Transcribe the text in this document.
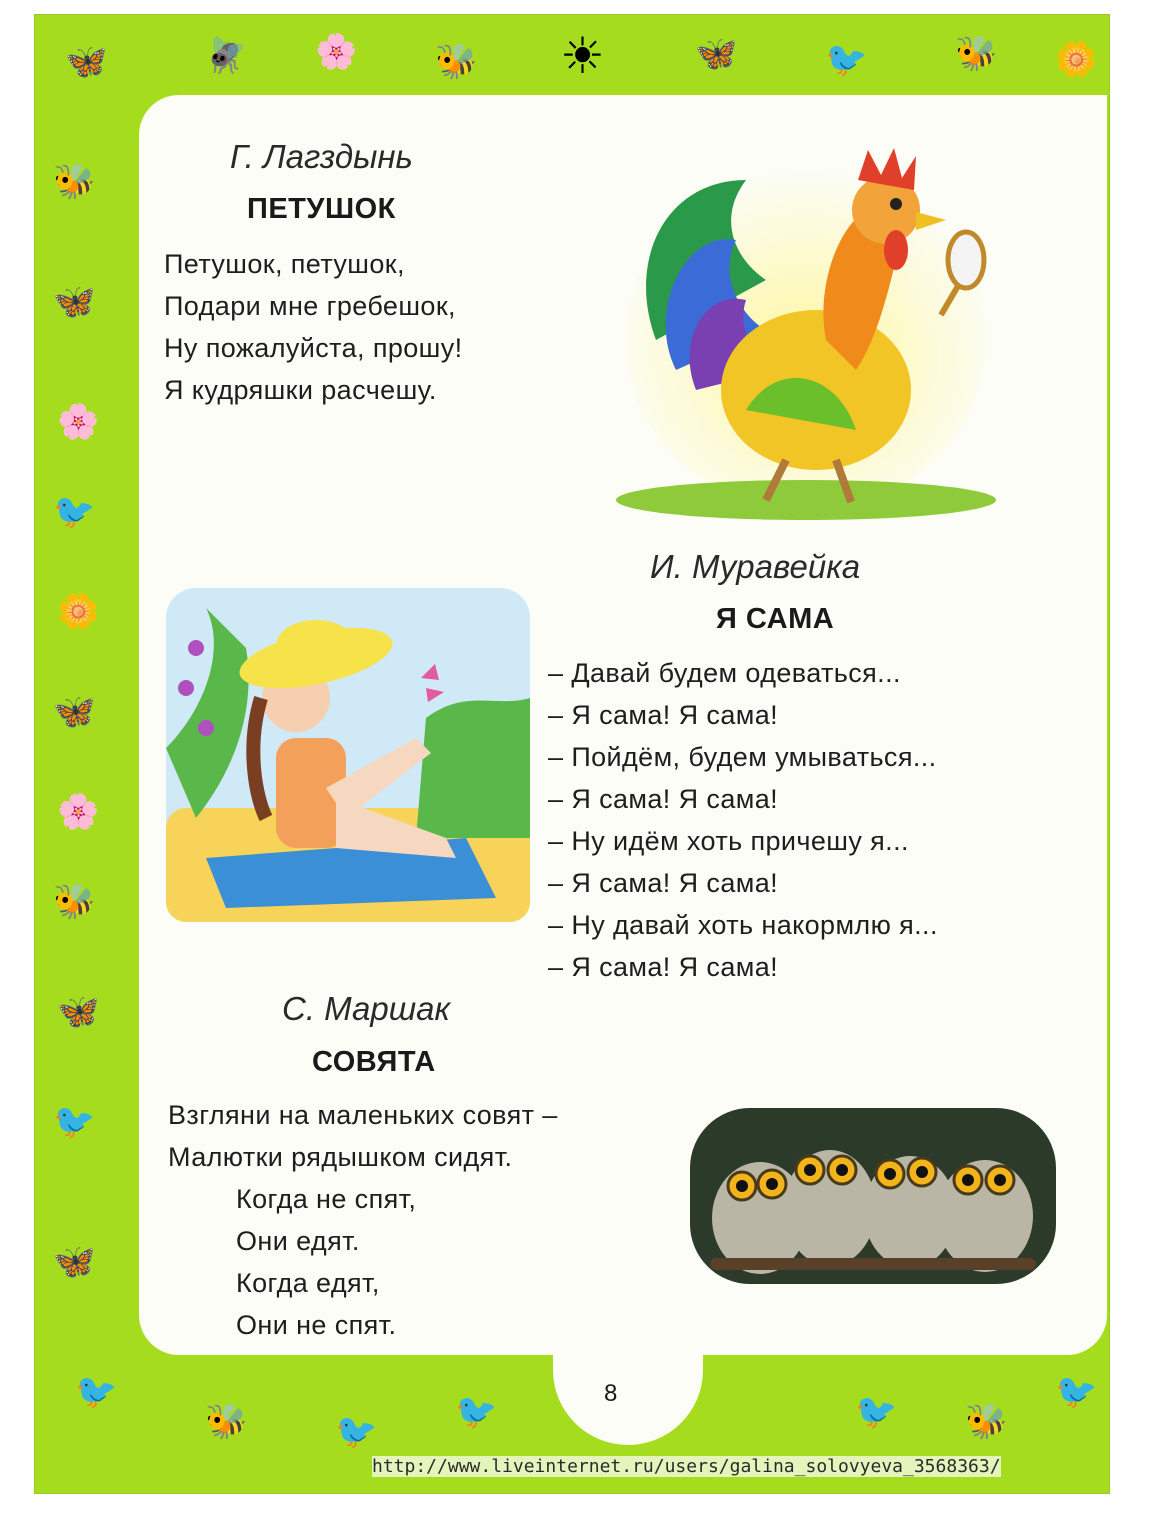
🦋	🪰 🌸 🐝 ☀	🦋	🐦	🐝 🌼
🐝
🦋
🌸
🐦
🌼
🦋
🌸
🐝
🦋
🐦
🦋
🐦
🐝	🐦
🐦	🐦 🐝
🐦
Г. Лагздынь
ПЕТУШОК
Петушок, петушок,
Подари мне гребешок,
Ну пожалуйста, прошу!
Я кудряшки расчешу.
И. Муравейка
Я САМА
– Давай будем одеваться...
– Я сама! Я сама!
– Пойдём, будем умываться...
– Я сама! Я сама!
– Ну идём хоть причешу я...
– Я сама! Я сама!
– Ну давай хоть накормлю я...
– Я сама! Я сама!
С. Маршак
СОВЯТА
Взгляни на маленьких совят –
Малютки рядышком сидят.
Когда не спят,
Они едят.
Когда едят,
Они не спят.
8
http://www.liveinternet.ru/users/galina_solovyeva_3568363/
